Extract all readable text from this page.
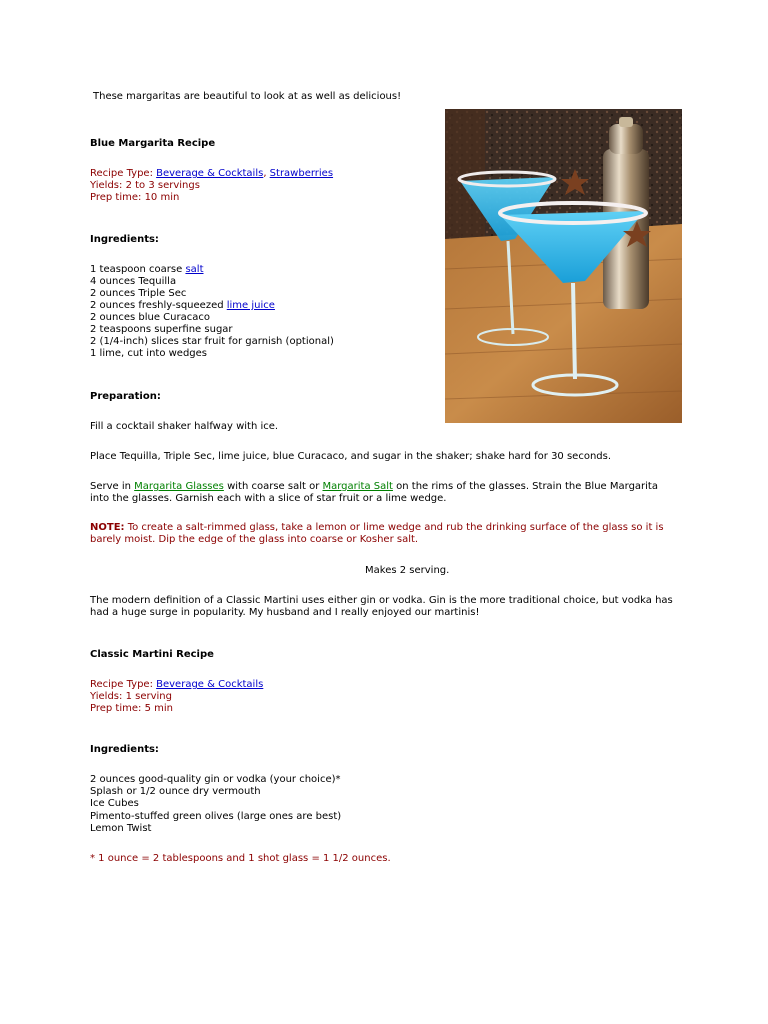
These margaritas are beautiful to look at as well as delicious!
Blue Margarita Recipe
Recipe Type: Beverage & Cocktails, Strawberries
Yields: 2 to 3 servings
Prep time: 10 min
Ingredients:
1 teaspoon coarse salt
4 ounces Tequilla
2 ounces Triple Sec
2 ounces freshly-squeezed lime juice
2 ounces blue Curacaco
2 teaspoons superfine sugar
2 (1/4-inch) slices star fruit for garnish (optional)
1 lime, cut into wedges
Preparation:
Fill a cocktail shaker halfway with ice.
Place Tequilla, Triple Sec, lime juice, blue Curacaco, and sugar in the shaker; shake hard for 30 seconds.
Serve in Margarita Glasses with coarse salt or Margarita Salt on the rims of the glasses. Strain the Blue Margarita into the glasses. Garnish each with a slice of star fruit or a lime wedge.
NOTE: To create a salt-rimmed glass, take a lemon or lime wedge and rub the drinking surface of the glass so it is barely moist. Dip the edge of the glass into coarse or Kosher salt.
Makes 2 serving.
The modern definition of a Classic Martini uses either gin or vodka. Gin is the more traditional choice, but vodka has had a huge surge in popularity. My husband and I really enjoyed our martinis!
Classic Martini Recipe
Recipe Type: Beverage & Cocktails
Yields: 1 serving
Prep time: 5 min
Ingredients:
2 ounces good-quality gin or vodka (your choice)*
Splash or 1/2 ounce dry vermouth
Ice Cubes
Pimento-stuffed green olives (large ones are best)
Lemon Twist
* 1 ounce = 2 tablespoons and 1 shot glass = 1 1/2 ounces.
